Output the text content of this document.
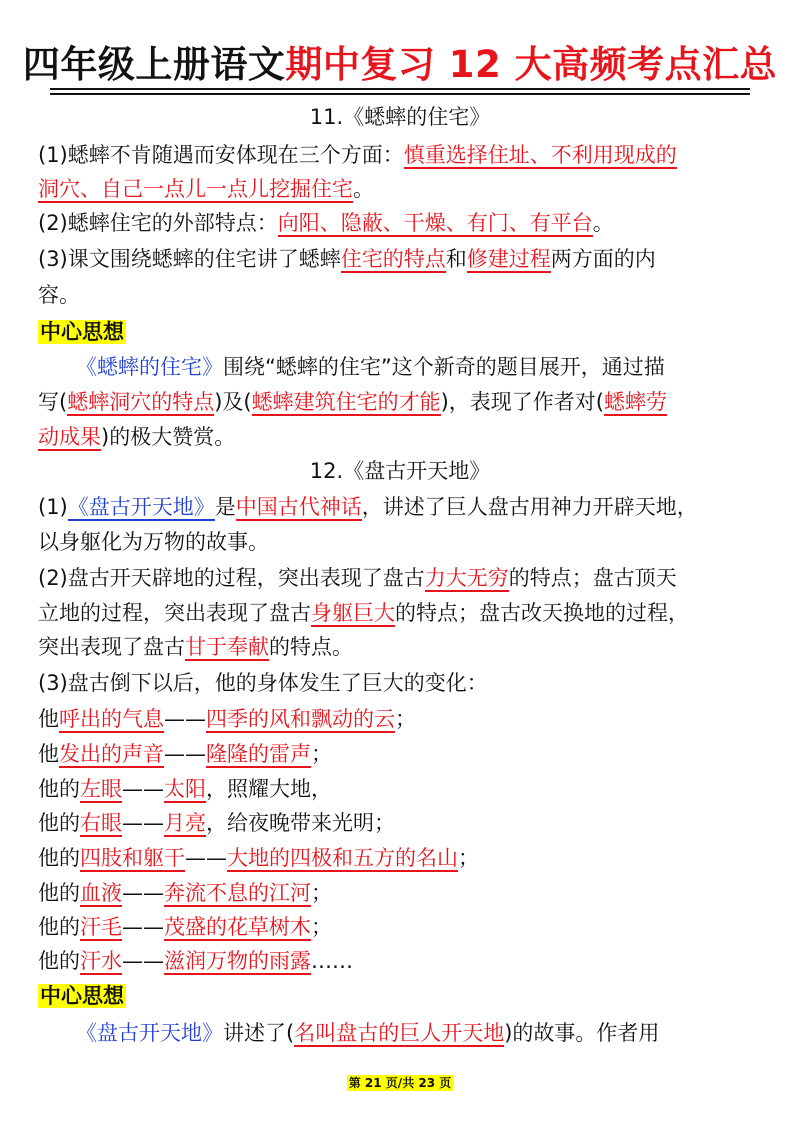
四年级上册语文期中复习 12 大高频考点汇总
11.《蟋蟀的住宅》
(1)蟋蟀不肯随遇而安体现在三个方面：慎重选择住址、不利用现成的
洞穴、自己一点儿一点儿挖掘住宅。
(2)蟋蟀住宅的外部特点：向阳、隐蔽、干燥、有门、有平台。
(3)课文围绕蟋蟀的住宅讲了蟋蟀住宅的特点和修建过程两方面的内
容。
中心思想
《蟋蟀的住宅》围绕“蟋蟀的住宅”这个新奇的题目展开，通过描
写(蟋蟀洞穴的特点)及(蟋蟀建筑住宅的才能)，表现了作者对(蟋蟀劳
动成果)的极大赞赏。
12.《盘古开天地》
(1)《盘古开天地》是中国古代神话，讲述了巨人盘古用神力开辟天地，
以身躯化为万物的故事。
(2)盘古开天辟地的过程，突出表现了盘古力大无穷的特点；盘古顶天
立地的过程，突出表现了盘古身躯巨大的特点；盘古改天换地的过程，
突出表现了盘古甘于奉献的特点。
(3)盘古倒下以后，他的身体发生了巨大的变化：
他呼出的气息——四季的风和飘动的云；
他发出的声音——隆隆的雷声；
他的左眼——太阳，照耀大地，
他的右眼——月亮，给夜晚带来光明；
他的四肢和躯干——大地的四极和五方的名山；
他的血液——奔流不息的江河；
他的汗毛——茂盛的花草树木；
他的汗水——滋润万物的雨露……
中心思想
《盘古开天地》讲述了(名叫盘古的巨人开天地)的故事。作者用
第 21 页/共 23 页
